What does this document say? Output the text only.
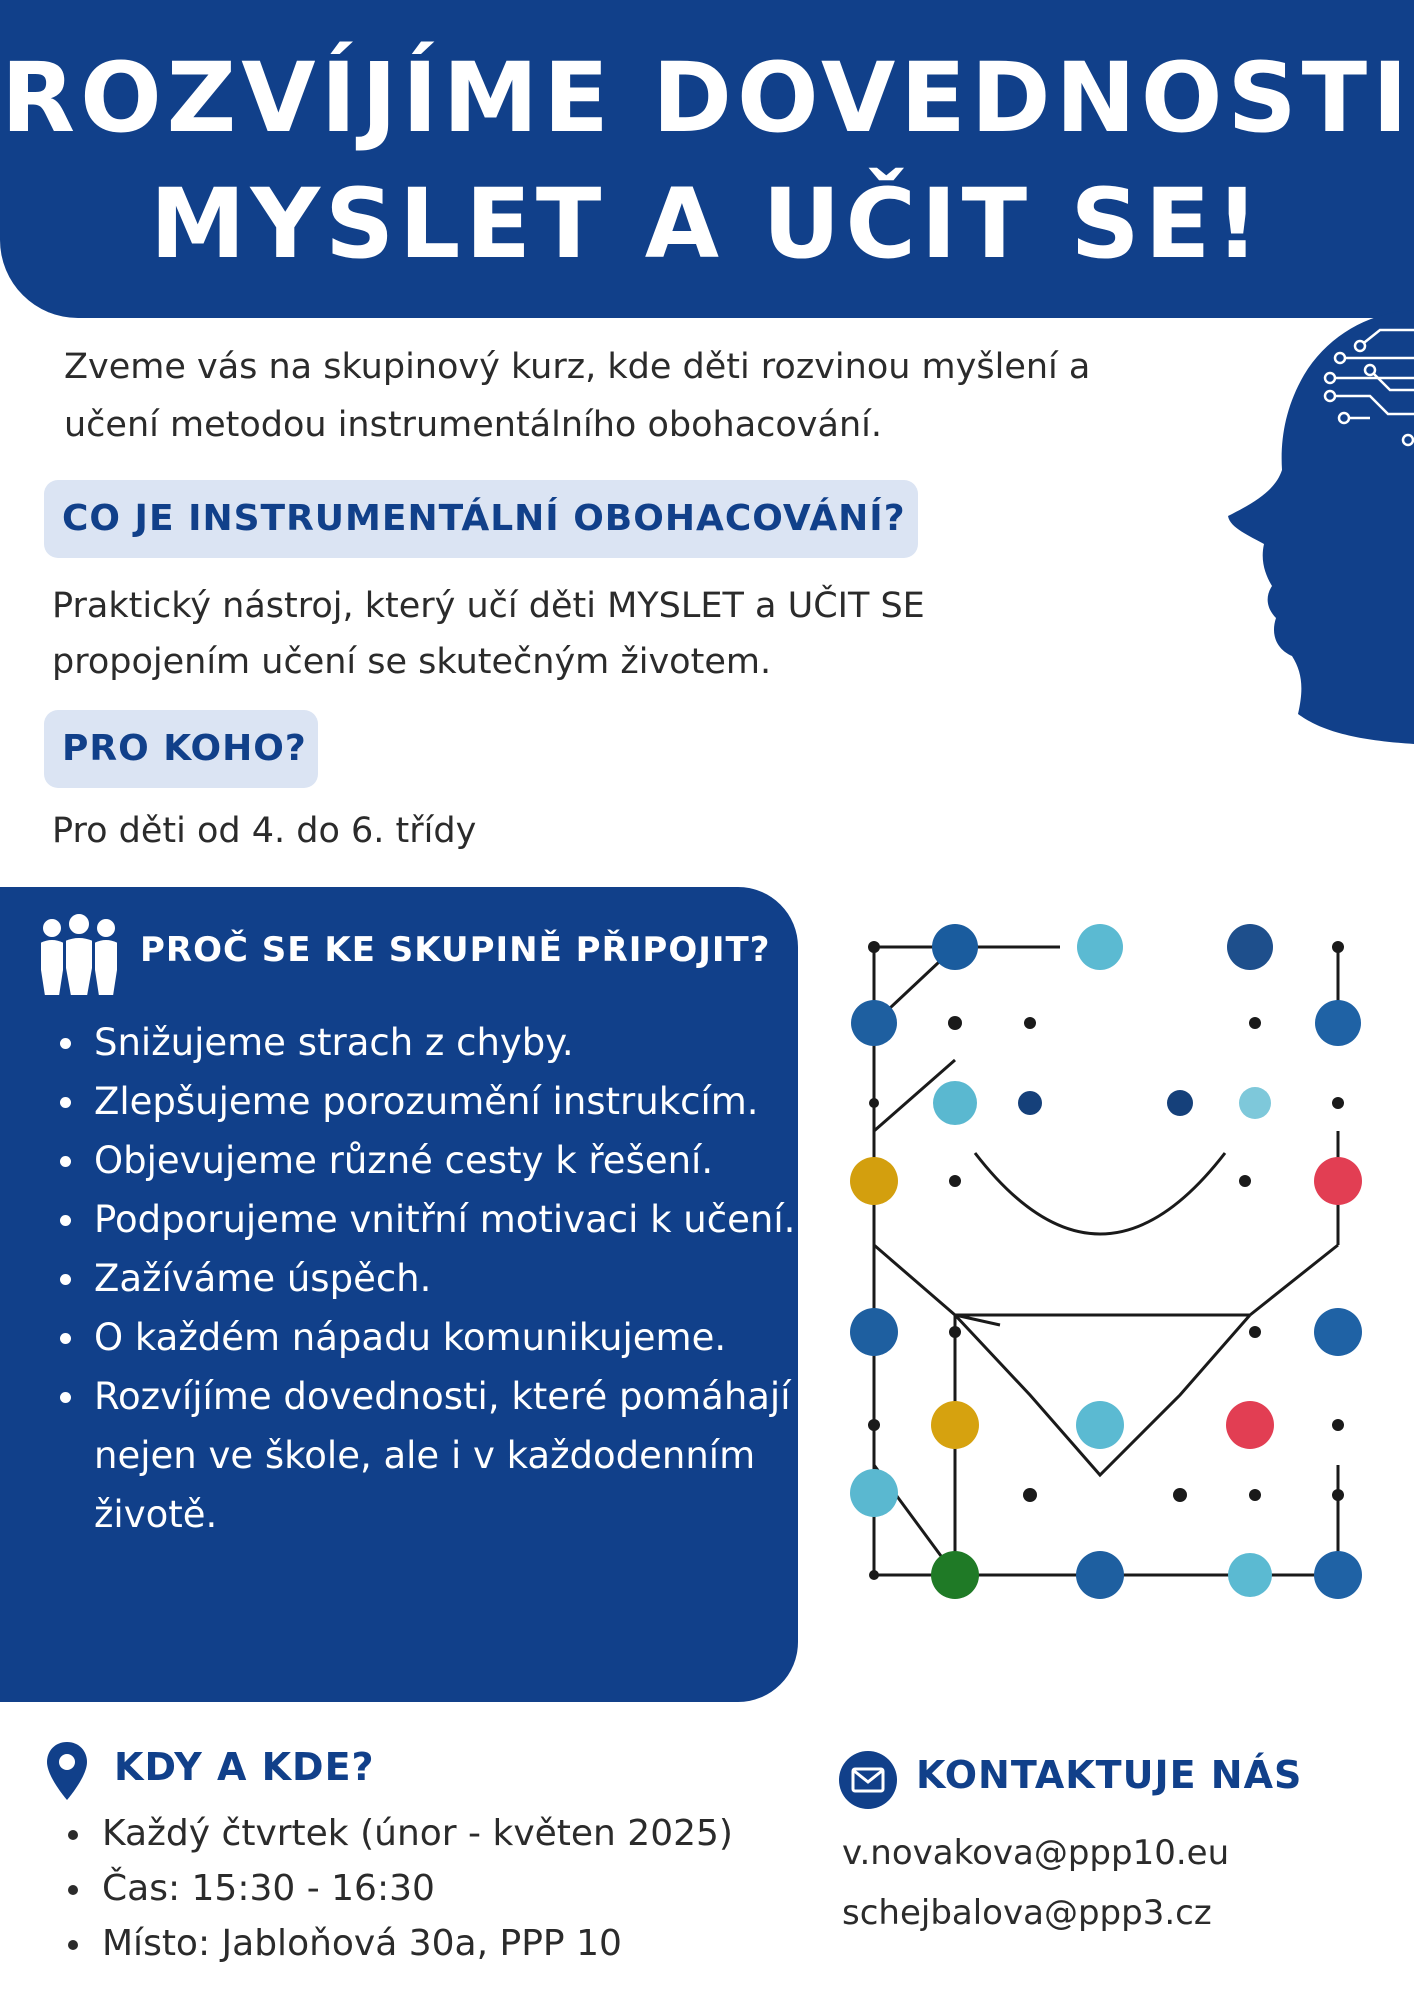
ROZVÍJÍME DOVEDNOSTI
MYSLET A UČIT SE!
Zveme vás na skupinový kurz, kde děti rozvinou myšlení a
učení metodou instrumentálního obohacování.
CO JE INSTRUMENTÁLNÍ OBOHACOVÁNÍ?
Praktický nástroj, který učí děti MYSLET a UČIT SE
propojením učení se skutečným životem.
PRO KOHO?
Pro děti od 4. do 6. třídy
PROČ SE KE SKUPINĚ PŘIPOJIT?
Snižujeme strach z chyby.
Zlepšujeme porozumění instrukcím.
Objevujeme různé cesty k řešení.
Podporujeme vnitřní motivaci k učení.
Zažíváme úspěch.
O každém nápadu komunikujeme.
Rozvíjíme dovednosti, které pomáhají nejen ve škole, ale i v každodenním životě.
KDY A KDE?
Každý čtvrtek (únor - květen 2025)
Čas: 15:30 - 16:30
Místo: Jabloňová 30a, PPP 10
KONTAKTUJE NÁS
v.novakova@ppp10.eu
schejbalova@ppp3.cz
